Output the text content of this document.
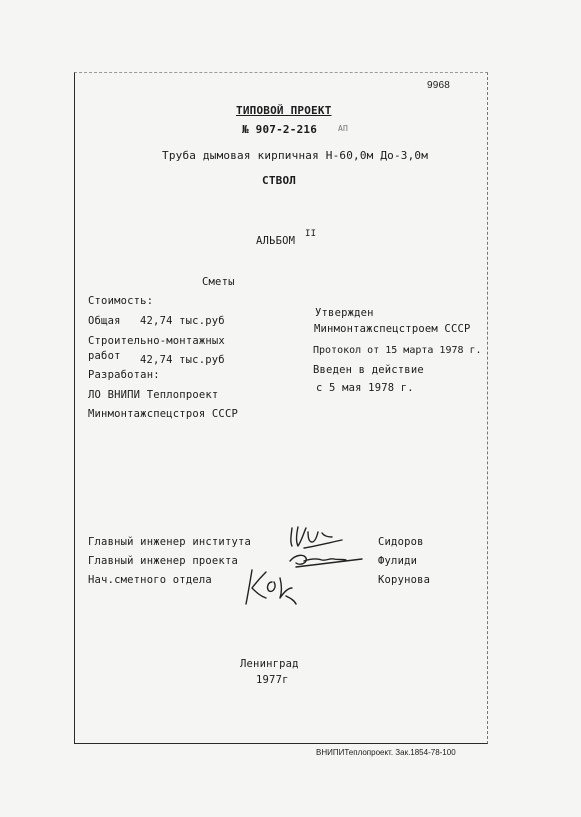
9968
ТИПОВОЙ ПРОЕКТ
№ 907-2-216	АП
Труба дымовая кирпичная Н-60,0м До-3,0м
СТВОЛ
АЛЬБОМ
II
Сметы
Стоимость:
Общая 42,74 тыс.руб
Строительно-монтажных
работ 42,74 тыс.руб
Разработан:
ЛО ВНИПИ Теплопроект
Минмонтажспецстроя СССР
Утвержден
Минмонтажспецстроем СССР
Протокол от 15 марта 1978 г.
Введен в действие
с 5 мая 1978 г.
Главный инженер института	Сидоров
Главный инженер проекта	Фулиди
Нач.сметного отдела	Корунова
Ленинград
1977г
ВНИПИТеплопроект. Зак.1854-78-100
